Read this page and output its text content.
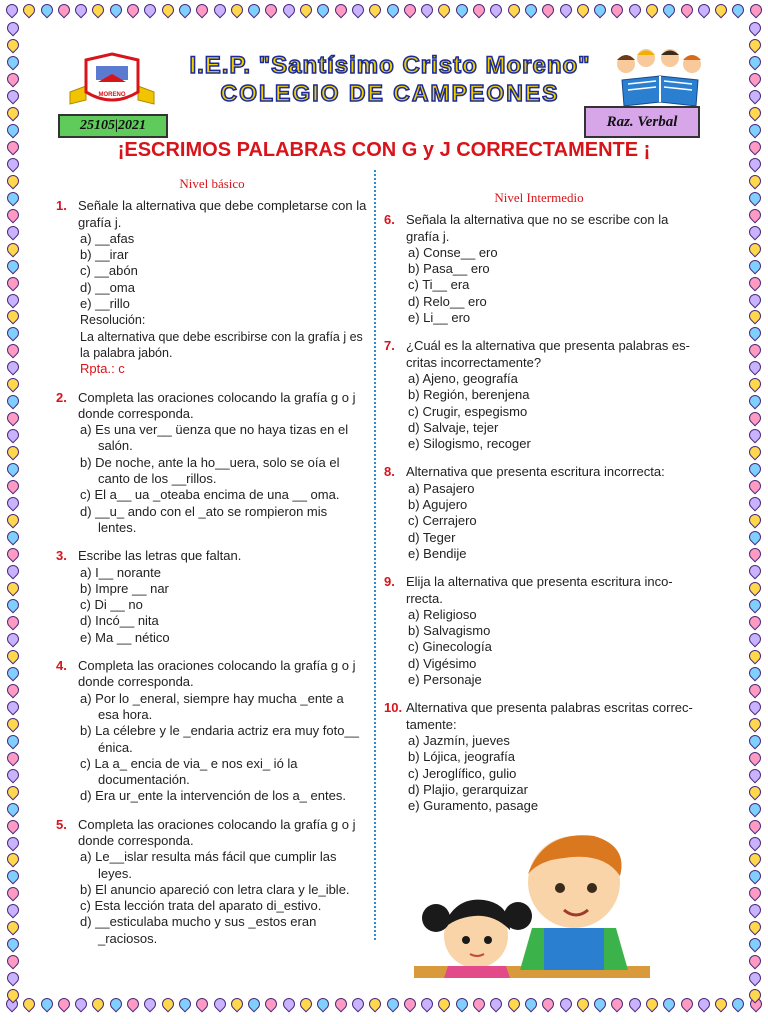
MORENO
I.E.P. "Santísimo Cristo Moreno"
COLEGIO DE CAMPEONES
25105|2021	Raz. Verbal
¡ESCRIMOS PALABRAS CON G y J CORRECTAMENTE ¡
Nivel básico
1. Señale la alternativa que debe completarse con la
grafía j.
a) __afas
b) __irar
c) __abón
d) __oma
e) __rillo
Resolución:
La alternativa que debe escribirse con la grafía j es
la palabra jabón.
Rpta.: c
2. Completa las oraciones colocando la grafía g o j
donde corresponda.
a) Es una ver__ üenza que no haya tizas en el salón.
b) De noche, ante la ho__uera, solo se oía el canto de los __rillos.
c) El a__ ua _oteaba encima de una __ oma.
d) __u_ ando con el _ato se rompieron mis lentes.
3. Escribe las letras que faltan.
a) I__ norante
b) Impre __ nar
c) Di __ no
d) Incó__ nita
e) Ma __ nético
4. Completa las oraciones colocando la grafía g o j
donde corresponda.
a) Por lo _eneral, siempre hay mucha _ente a esa hora.
b) La célebre y le _endaria actriz era muy foto__ énica.
c) La a_ encia de via_ e nos exi_ ió la documentación.
d) Era ur_ente la intervención de los a_ entes.
5. Completa las oraciones colocando la grafía g o j
donde corresponda.
a) Le__islar resulta más fácil que cumplir las leyes.
b) El anuncio apareció con letra clara y le_ible.
c) Esta lección trata del aparato di_estivo.
d) __esticulaba mucho y sus _estos eran _raciosos.
Nivel Intermedio
6. Señala la alternativa que no se escribe con la
grafía j.
a) Conse__ ero
b) Pasa__ ero
c) Ti__ era
d) Relo__ ero
e) Li__ ero
7. ¿Cuál es la alternativa que presenta palabras es-
critas incorrectamente?
a) Ajeno, geografía
b) Región, berenjena
c) Crugir, espegismo
d) Salvaje, tejer
e) Silogismo, recoger
8. Alternativa que presenta escritura incorrecta:
a) Pasajero
b) Agujero
c) Cerrajero
d) Teger
e) Bendije
9. Elija la alternativa que presenta escritura inco-
rrecta.
a) Religioso
b) Salvagismo
c) Ginecología
d) Vigésimo
e) Personaje
10. Alternativa que presenta palabras escritas correc-
tamente:
a) Jazmín, jueves
b) Lójica, jeografía
c) Jeroglífico, gulio
d) Plajio, gerarquizar
e) Guramento, pasage
